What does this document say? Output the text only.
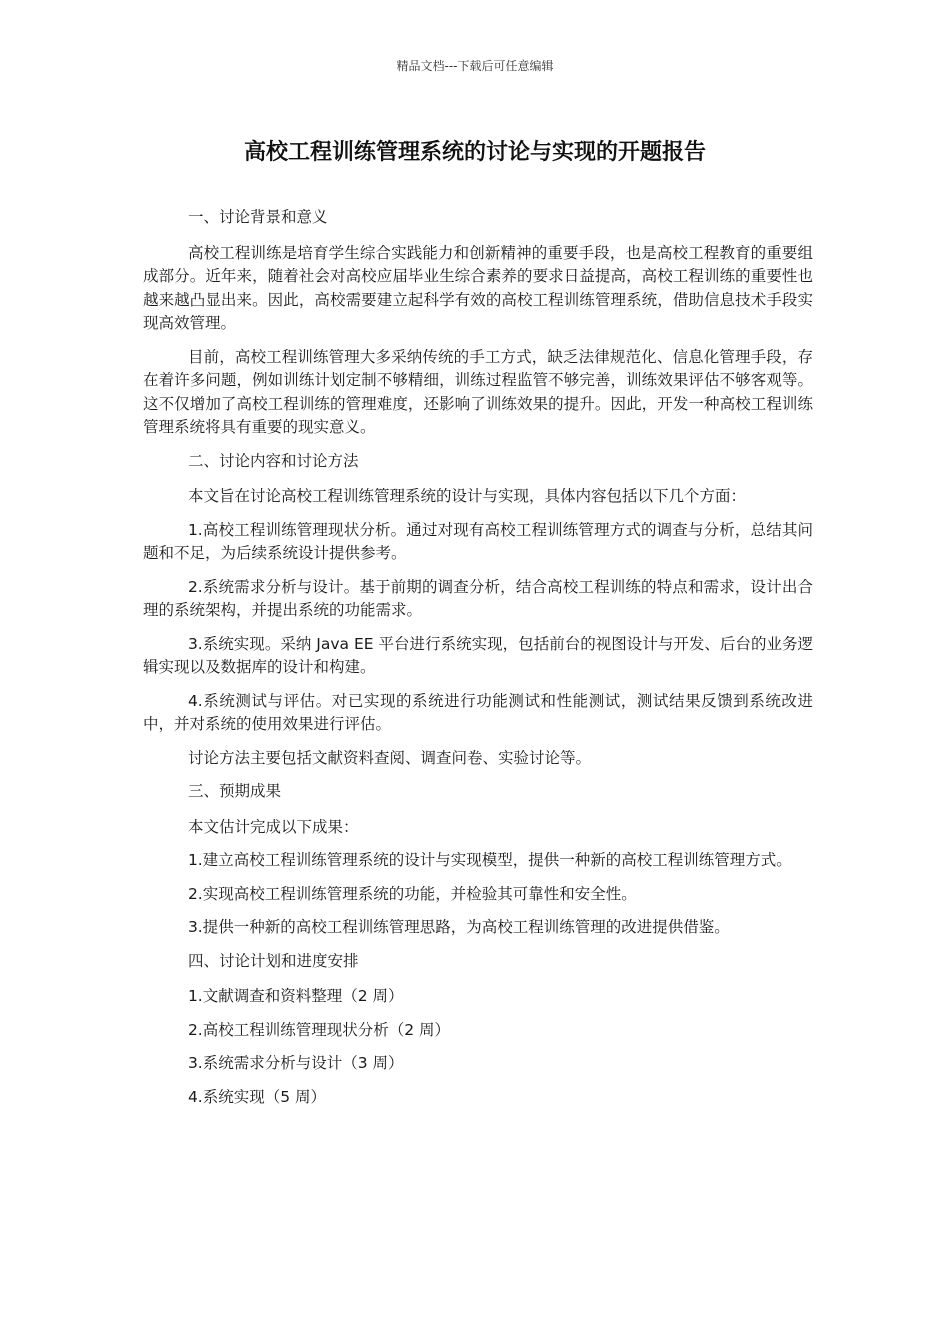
精品文档---下载后可任意编辑
高校工程训练管理系统的讨论与实现的开题报告

一、讨论背景和意义

高校工程训练是培育学生综合实践能力和创新精神的重要手段，也是高校工程教育的重要组成部分。近年来，随着社会对高校应届毕业生综合素养的要求日益提高，高校工程训练的重要性也越来越凸显出来。因此，高校需要建立起科学有效的高校工程训练管理系统，借助信息技术手段实现高效管理。

目前，高校工程训练管理大多采纳传统的手工方式，缺乏法律规范化、信息化管理手段，存在着许多问题，例如训练计划定制不够精细，训练过程监管不够完善，训练效果评估不够客观等。这不仅增加了高校工程训练的管理难度，还影响了训练效果的提升。因此，开发一种高校工程训练管理系统将具有重要的现实意义。

二、讨论内容和讨论方法

本文旨在讨论高校工程训练管理系统的设计与实现，具体内容包括以下几个方面：

1.高校工程训练管理现状分析。通过对现有高校工程训练管理方式的调查与分析，总结其问题和不足，为后续系统设计提供参考。

2.系统需求分析与设计。基于前期的调查分析，结合高校工程训练的特点和需求，设计出合理的系统架构，并提出系统的功能需求。

3.系统实现。采纳 Java EE 平台进行系统实现，包括前台的视图设计与开发、后台的业务逻辑实现以及数据库的设计和构建。

4.系统测试与评估。对已实现的系统进行功能测试和性能测试，测试结果反馈到系统改进中，并对系统的使用效果进行评估。

讨论方法主要包括文献资料查阅、调查问卷、实验讨论等。

三、预期成果

本文估计完成以下成果：

1.建立高校工程训练管理系统的设计与实现模型，提供一种新的高校工程训练管理方式。

2.实现高校工程训练管理系统的功能，并检验其可靠性和安全性。

3.提供一种新的高校工程训练管理思路，为高校工程训练管理的改进提供借鉴。

四、讨论计划和进度安排

1.文献调查和资料整理（2 周）

2.高校工程训练管理现状分析（2 周）

3.系统需求分析与设计（3 周）

4.系统实现（5 周）
